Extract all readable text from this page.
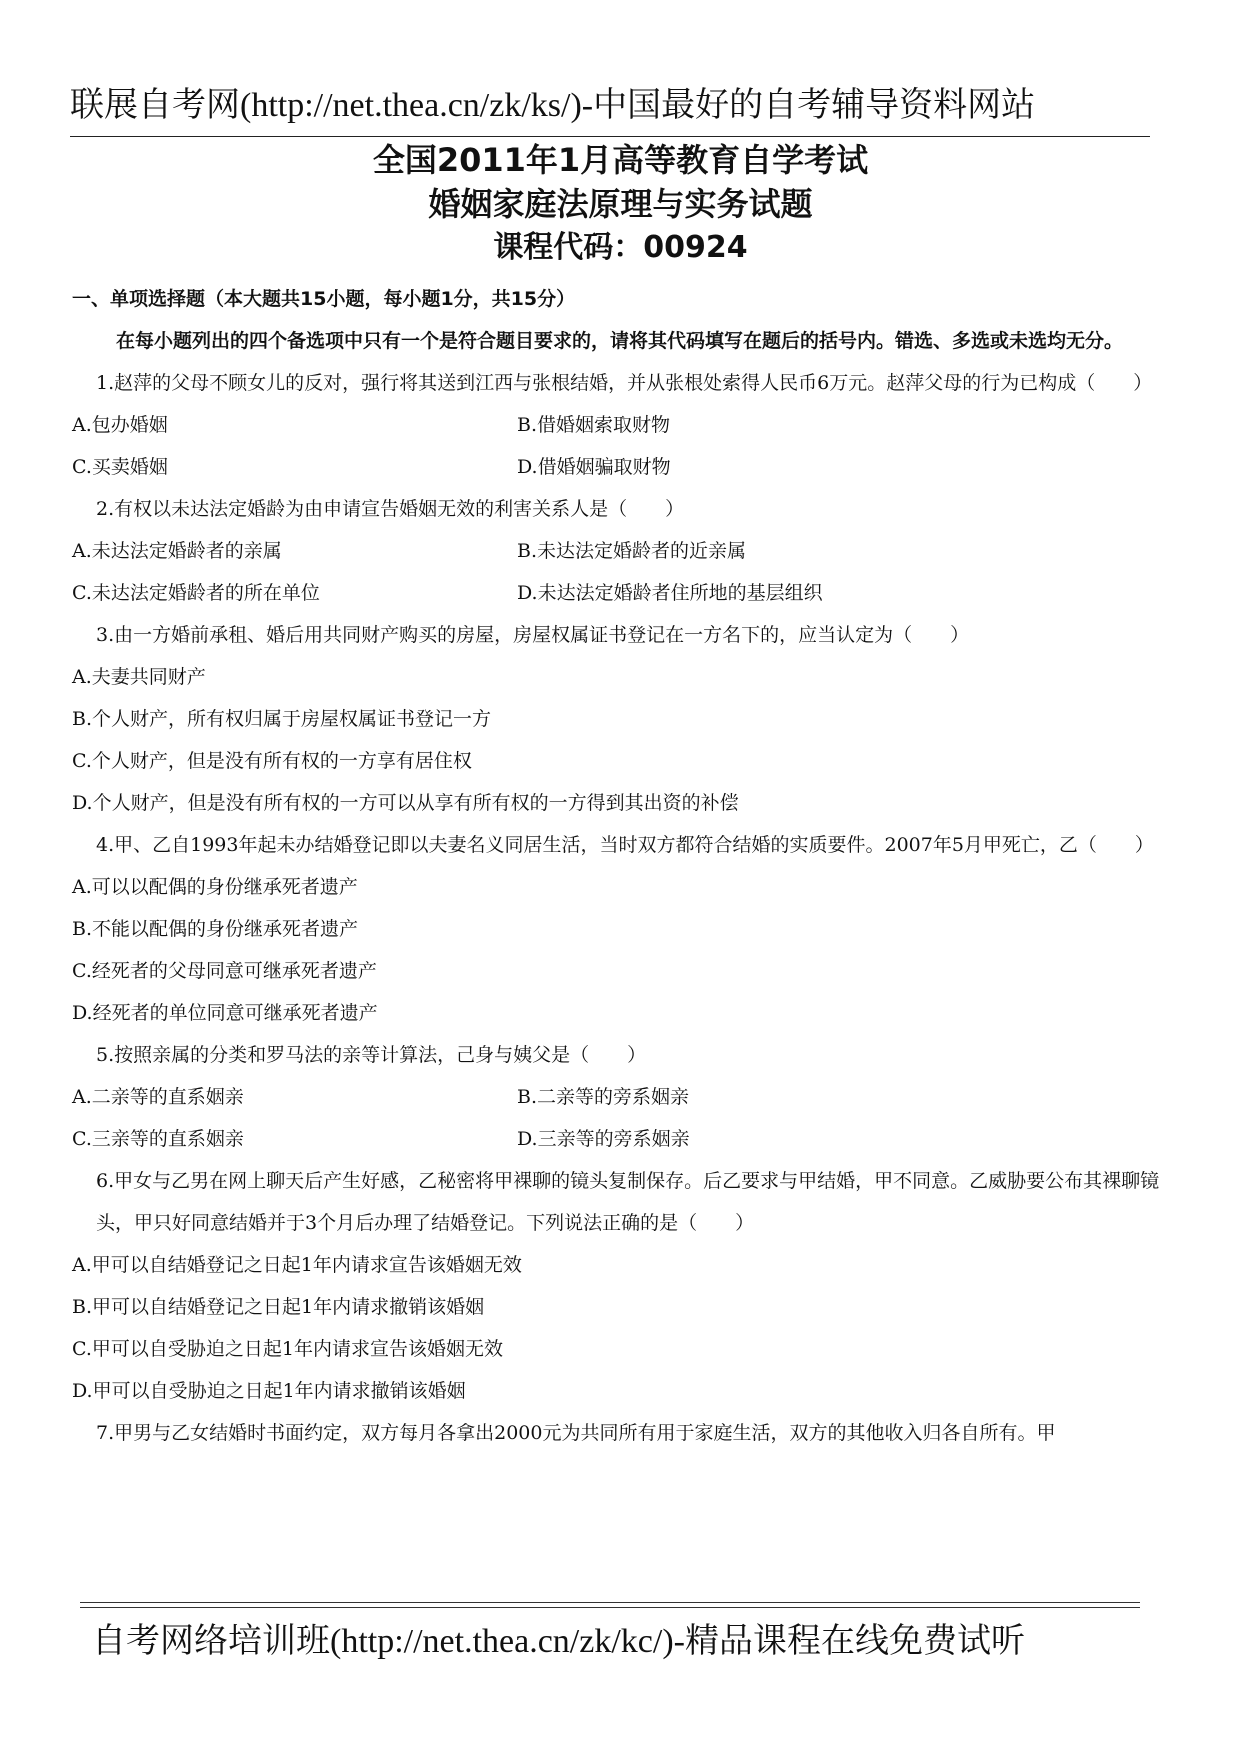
联展自考网(http://net.thea.cn/zk/ks/)-中国最好的自考辅导资料网站
全国2011年1月高等教育自学考试
婚姻家庭法原理与实务试题
课程代码：00924
一、单项选择题（本大题共15小题，每小题1分，共15分）
在每小题列出的四个备选项中只有一个是符合题目要求的，请将其代码填写在题后的括号内。错选、多选或未选均无分。
1.赵萍的父母不顾女儿的反对，强行将其送到江西与张根结婚，并从张根处索得人民币6万元。赵萍父母的行为已构成（　　）
A.包办婚姻	B.借婚姻索取财物
C.买卖婚姻	D.借婚姻骗取财物
2.有权以未达法定婚龄为由申请宣告婚姻无效的利害关系人是（　　）
A.未达法定婚龄者的亲属	B.未达法定婚龄者的近亲属
C.未达法定婚龄者的所在单位	D.未达法定婚龄者住所地的基层组织
3.由一方婚前承租、婚后用共同财产购买的房屋，房屋权属证书登记在一方名下的，应当认定为（　　）
A.夫妻共同财产
B.个人财产，所有权归属于房屋权属证书登记一方
C.个人财产，但是没有所有权的一方享有居住权
D.个人财产，但是没有所有权的一方可以从享有所有权的一方得到其出资的补偿
4.甲、乙自1993年起未办结婚登记即以夫妻名义同居生活，当时双方都符合结婚的实质要件。2007年5月甲死亡，乙（　　）
A.可以以配偶的身份继承死者遗产
B.不能以配偶的身份继承死者遗产
C.经死者的父母同意可继承死者遗产
D.经死者的单位同意可继承死者遗产
5.按照亲属的分类和罗马法的亲等计算法，己身与姨父是（　　）
A.二亲等的直系姻亲	B.二亲等的旁系姻亲
C.三亲等的直系姻亲	D.三亲等的旁系姻亲
6.甲女与乙男在网上聊天后产生好感，乙秘密将甲裸聊的镜头复制保存。后乙要求与甲结婚，甲不同意。乙威胁要公布其裸聊镜头，甲只好同意结婚并于3个月后办理了结婚登记。下列说法正确的是（　　）
A.甲可以自结婚登记之日起1年内请求宣告该婚姻无效
B.甲可以自结婚登记之日起1年内请求撤销该婚姻
C.甲可以自受胁迫之日起1年内请求宣告该婚姻无效
D.甲可以自受胁迫之日起1年内请求撤销该婚姻
7.甲男与乙女结婚时书面约定，双方每月各拿出2000元为共同所有用于家庭生活，双方的其他收入归各自所有。甲
自考网络培训班(http://net.thea.cn/zk/kc/)-精品课程在线免费试听
